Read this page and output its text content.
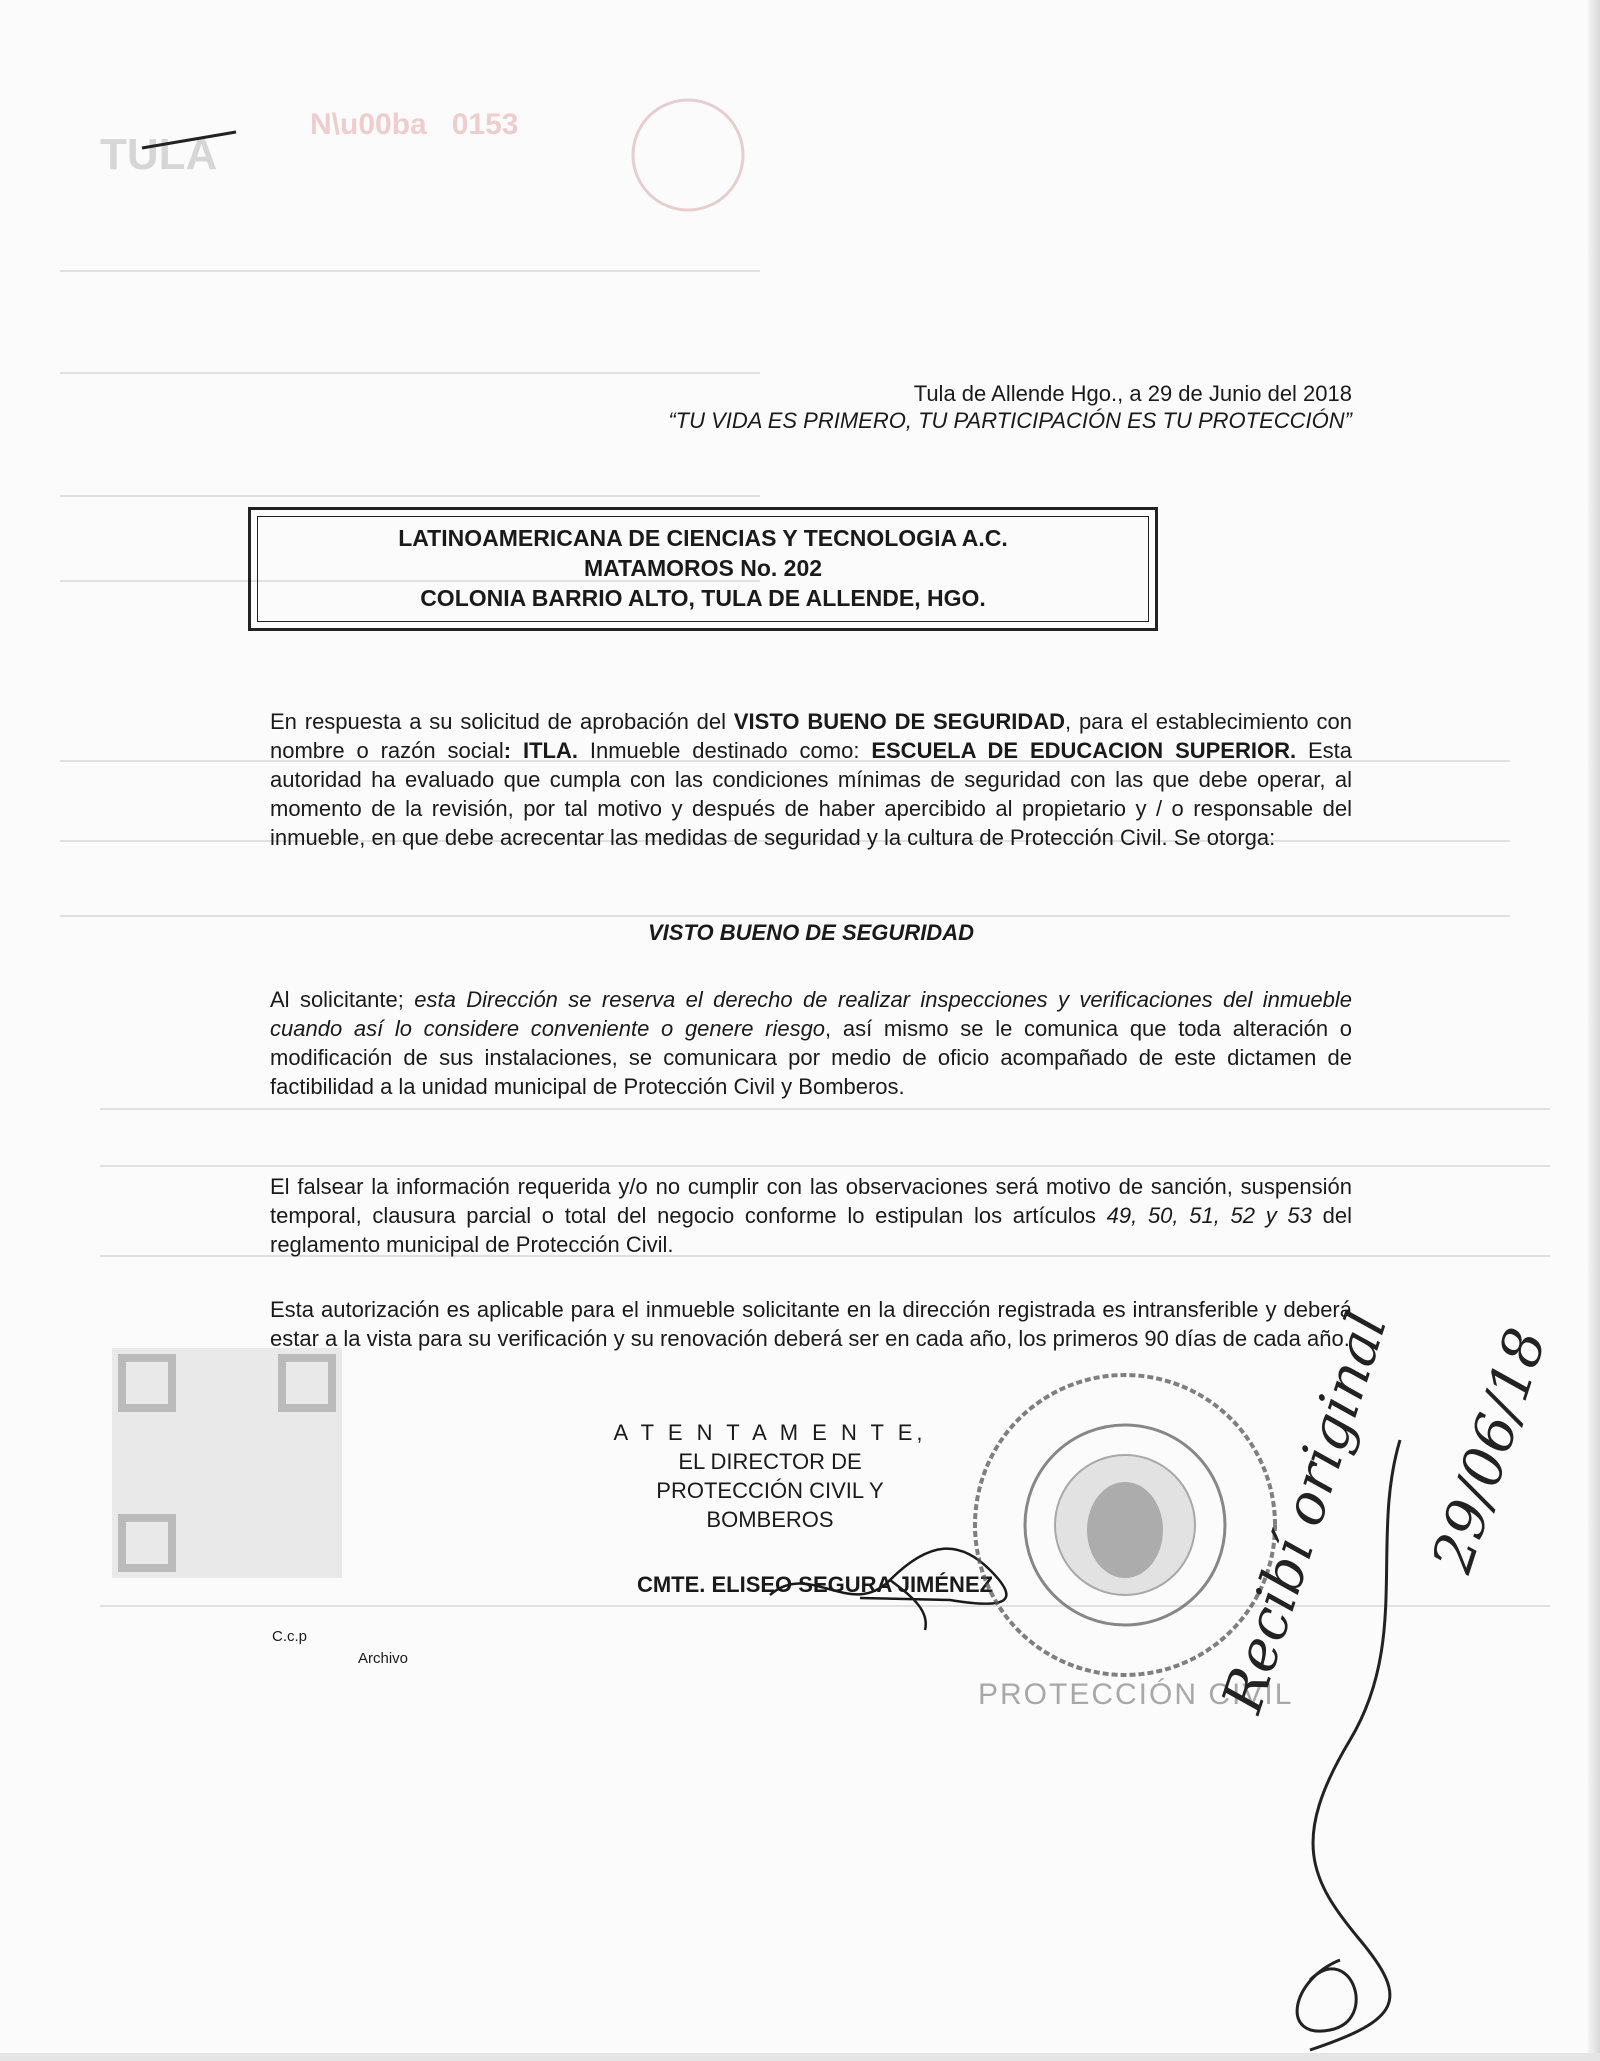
TULA
N\u00ba   0153
Tula de Allende Hgo., a 29 de Junio del 2018
“TU VIDA ES PRIMERO, TU PARTICIPACIÓN ES TU PROTECCIÓN”
LATINOAMERICANA DE CIENCIAS Y TECNOLOGIA A.C.
MATAMOROS No. 202
COLONIA BARRIO ALTO, TULA DE ALLENDE, HGO.
En respuesta a su solicitud de aprobación del VISTO BUENO DE SEGURIDAD, para el establecimiento con nombre o razón social: ITLA. Inmueble destinado como: ESCUELA DE EDUCACION SUPERIOR. Esta autoridad ha evaluado que cumpla con las condiciones mínimas de seguridad con las que debe operar, al momento de la revisión, por tal motivo y después de haber apercibido al propietario y / o responsable del inmueble, en que debe acrecentar las medidas de seguridad y la cultura de Protección Civil. Se otorga:
VISTO BUENO DE SEGURIDAD
Al solicitante; esta Dirección se reserva el derecho de realizar inspecciones y verificaciones del inmueble cuando así lo considere conveniente o genere riesgo, así mismo se le comunica que toda alteración o modificación de sus instalaciones, se comunicara por medio de oficio acompañado de este dictamen de factibilidad a la unidad municipal de Protección Civil y Bomberos.
El falsear la información requerida y/o no cumplir con las observaciones será motivo de sanción, suspensión temporal, clausura parcial o total del negocio conforme lo estipulan los artículos 49, 50, 51, 52 y 53 del reglamento municipal de Protección Civil.
Esta autorización es aplicable para el inmueble solicitante en la dirección registrada es intransferible y deberá estar a la vista para su verificación y su renovación deberá ser en cada año, los primeros 90 días de cada año.
A T E N T A M E N T E,
EL DIRECTOR DE
PROTECCIÓN CIVIL Y BOMBEROS
CMTE. ELISEO SEGURA JIMÉNEZ
PROTECCIÓN CIVIL
C.c.p
Archivo	Recibí original 29/06/18
